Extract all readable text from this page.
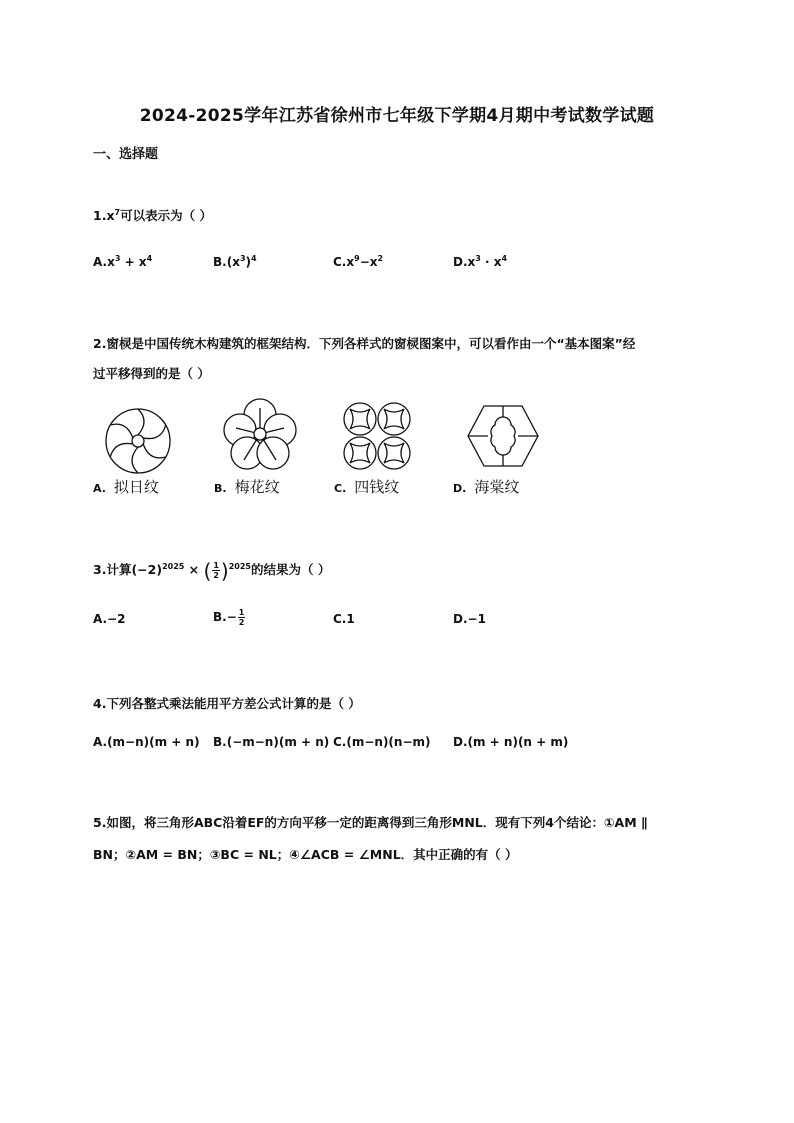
2024-2025学年江苏省徐州市七年级下学期4月期中考试数学试题
一、选择题
$1.x^7$可以表示为（ ）
$A.x^3 + x^4$	$B.(x^3)^4$	$C.x^9-x^2$	$D.x^3 \cdot x^4$
2.窗棂是中国传统木构建筑的框架结构．下列各样式的窗棂图案中，可以看作由一个“基本图案”经
过平移得到的是（ ）
A. 拟日纹	B. 梅花纹	C. 四钱纹	D. 海棠纹
3.计算$(-2)^{2025}$ × ( $\frac{1}{2}$ ) $^{2025}$的结果为（ ）
A.−2	$B.- \frac{1}{2}$	C.1	D.−1
4.下列各整式乘法能用平方差公式计算的是（ ）
A.(m−n)(m + n) B.(−m−n)(m + n) C.(m−n)(n−m) D.(m + n)(n + m)
5.如图，将三角形ABC沿着EF的方向平移一定的距离得到三角形MNL．现有下列4个结论：①AM ∥
BN；②AM = BN；③BC = NL；④∠ACB = ∠MNL．其中正确的有（ ）
